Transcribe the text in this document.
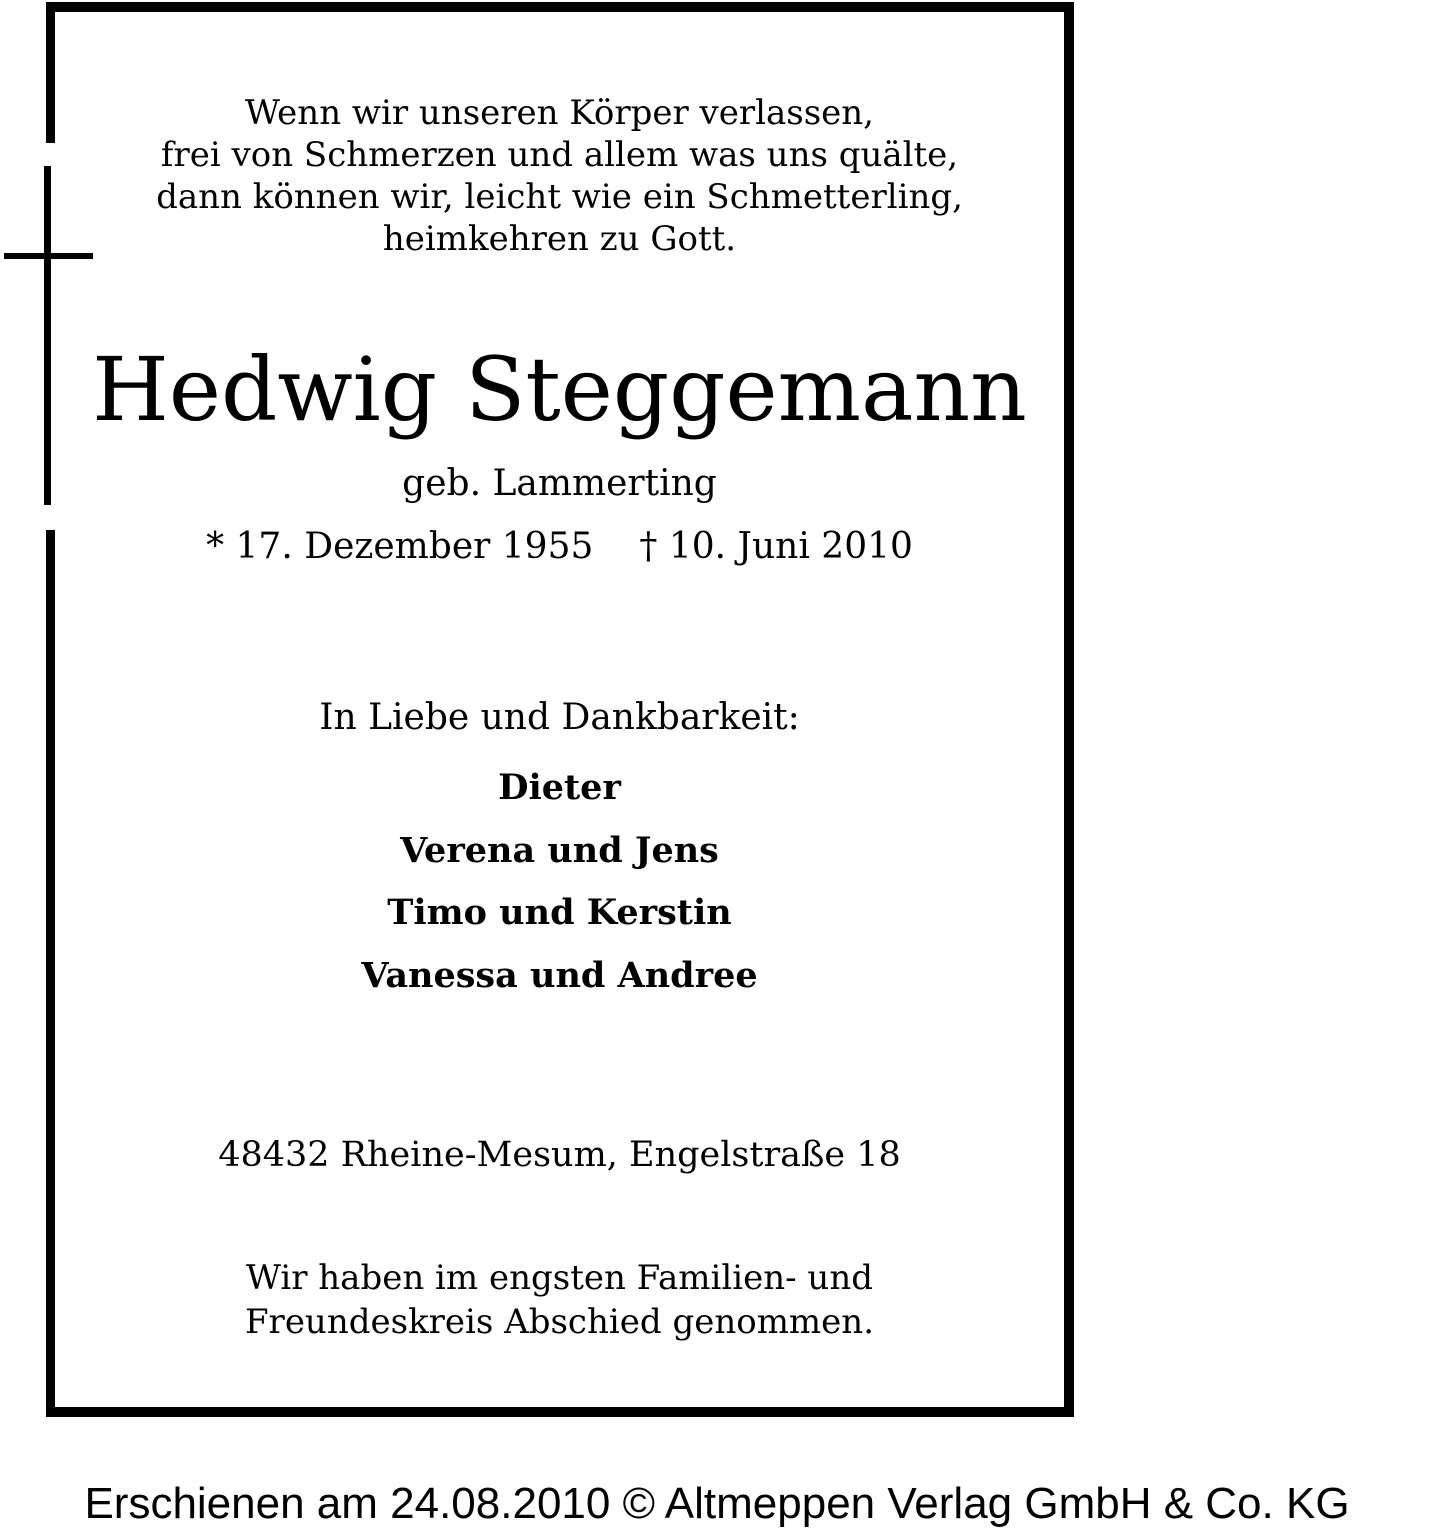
Wenn wir unseren Körper verlassen,
frei von Schmerzen und allem was uns quälte,
dann können wir, leicht wie ein Schmetterling,
heimkehren zu Gott.
Hedwig Steggemann
geb. Lammerting
* 17. Dezember 1955 † 10. Juni 2010
In Liebe und Dankbarkeit:
Dieter
Verena und Jens
Timo und Kerstin
Vanessa und Andree
48432 Rheine-Mesum, Engelstraße 18
Wir haben im engsten Familien- und
Freundeskreis Abschied genommen.
Erschienen am 24.08.2010 © Altmeppen Verlag GmbH & Co. KG
